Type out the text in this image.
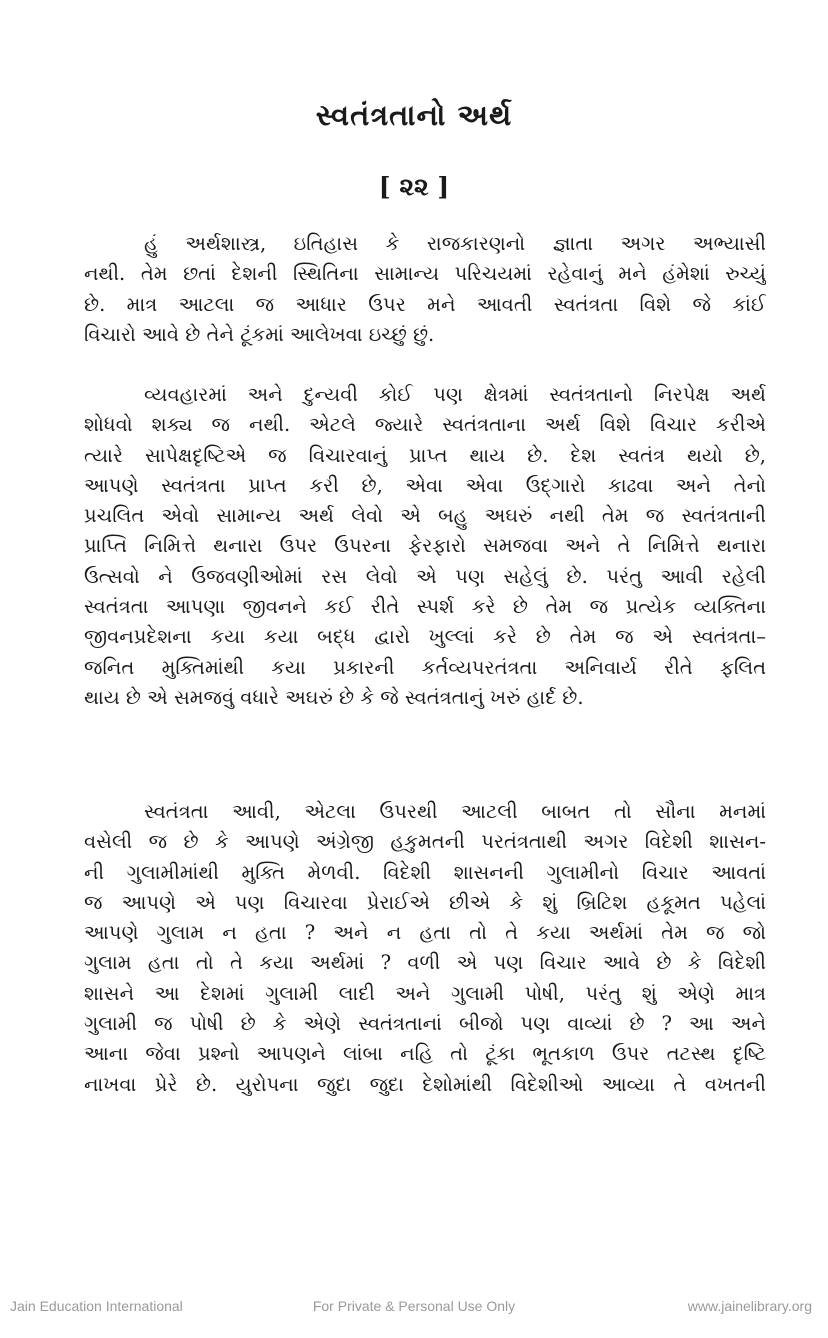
સ્વતંત્રતાનો અર્થ
[ ૨૨ ]
હું અર્થશાસ્ત્ર, ઇતિહાસ કે રાજકારણનો જ્ઞાતા અગર અભ્યાસી
નથી. તેમ છતાં દેશની સ્થિતિના સામાન્ય પરિચયમાં રહેવાનું મને હંમેશાં રુચ્યું
છે. માત્ર આટલા જ આધાર ઉપર મને આવતી સ્વતંત્રતા વિશે જે કાંઈ
વિચારો આવે છે તેને ટૂંકમાં આલેખવા ઇચ્છું છું.
વ્યવહારમાં અને દુન્યવી કોઈ પણ ક્ષેત્રમાં સ્વતંત્રતાનો નિરપેક્ષ અર્થ
શોધવો શક્ય જ નથી. એટલે જ્યારે સ્વતંત્રતાના અર્થ વિશે વિચાર કરીએ
ત્યારે સાપેક્ષદૃષ્ટિએ જ વિચારવાનું પ્રાપ્ત થાય છે. દેશ સ્વતંત્ર થયો છે,
આપણે સ્વતંત્રતા પ્રાપ્ત કરી છે, એવા એવા ઉદ્ગારો કાઢવા અને તેનો
પ્રચલિત એવો સામાન્ય અર્થ લેવો એ બહુ અઘરું નથી તેમ જ સ્વતંત્રતાની
પ્રાપ્તિ નિમિત્તે થનારા ઉપર ઉપરના ફેરફારો સમજવા અને તે નિમિત્તે થનારા
ઉત્સવો ને ઉજવણીઓમાં રસ લેવો એ પણ સહેલું છે. પરંતુ આવી રહેલી
સ્વતંત્રતા આપણા જીવનને કઈ રીતે સ્પર્શ કરે છે તેમ જ પ્રત્યેક વ્યક્તિના
જીવનપ્રદેશના કયા કયા બદ્ધ દ્વારો ખુલ્લાં કરે છે તેમ જ એ સ્વતંત્રતા–
જનિત મુક્તિમાંથી કયા પ્રકારની કર્તવ્યપરતંત્રતા અનિવાર્ય રીતે ફલિત
થાય છે એ સમજવું વધારે અઘરું છે કે જે સ્વતંત્રતાનું ખરું હાર્દ છે.
સ્વતંત્રતા આવી, એટલા ઉપરથી આટલી બાબત તો સૌના મનમાં
વસેલી જ છે કે આપણે અંગ્રેજી હકુમતની પરતંત્રતાથી અગર વિદેશી શાસન-
ની ગુલામીમાંથી મુક્તિ મેળવી. વિદેશી શાસનની ગુલામીનો વિચાર આવતાં
જ આપણે એ પણ વિચારવા પ્રેરાઈએ છીએ કે શું બ્રિટિશ હકૂમત પહેલાં
આપણે ગુલામ ન હતા ? અને ન હતા તો તે કયા અર્થમાં તેમ જ જો
ગુલામ હતા તો તે કયા અર્થમાં ? વળી એ પણ વિચાર આવે છે કે વિદેશી
શાસને આ દેશમાં ગુલામી લાદી અને ગુલામી પોષી, પરંતુ શું એણે માત્ર
ગુલામી જ પોષી છે કે એણે સ્વતંત્રતાનાં બીજો પણ વાવ્યાં છે ? આ અને
આના જેવા પ્રશ્નો આપણને લાંબા નહિ તો ટૂંકા ભૂતકાળ ઉપર તટસ્થ દૃષ્ટિ
નાખવા પ્રેરે છે. યુરોપના જુદા જુદા દેશોમાંથી વિદેશીઓ આવ્યા તે વખતની
Jain Education International	For Private & Personal Use Only	www.jainelibrary.org
